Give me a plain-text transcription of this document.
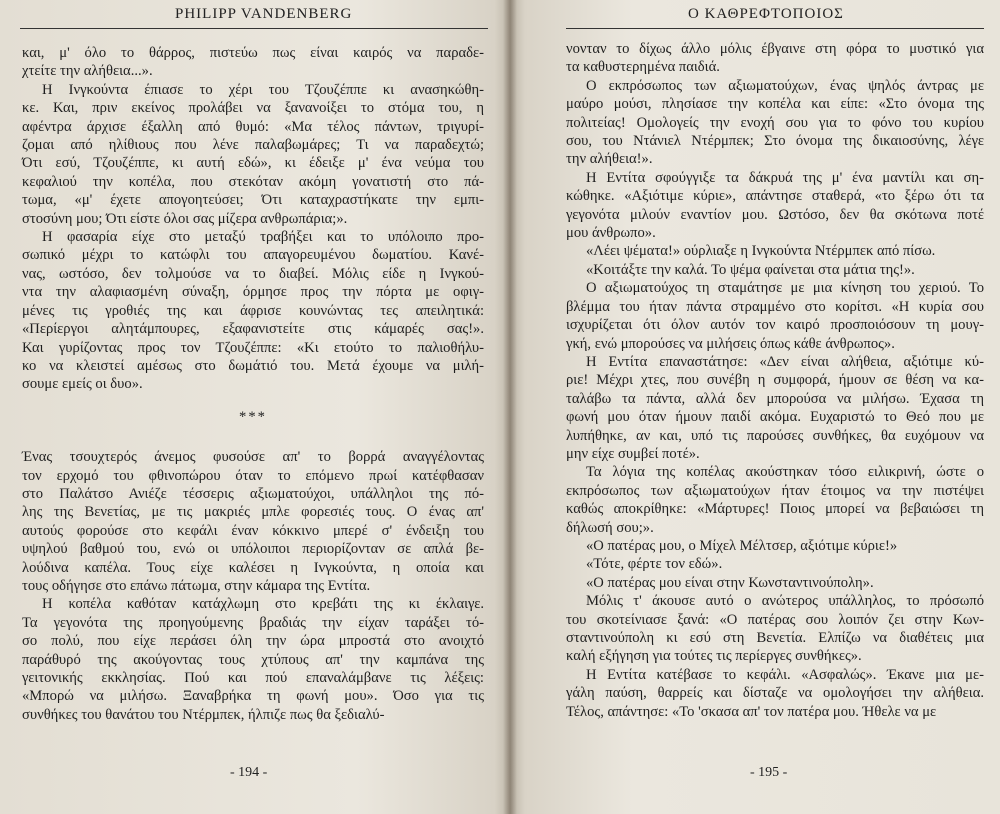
PHILIPP VANDENBERG
και, μ' όλο το θάρρος, πιστεύω πως είναι καιρός να παραδε-
χτείτε την αλήθεια...».
Η Ινγκούντα έπιασε το χέρι του Τζουζέππε κι ανασηκώθη-
κε. Και, πριν εκείνος προλάβει να ξανανοίξει το στόμα του, η
αφέντρα άρχισε έξαλλη από θυμό: «Μα τέλος πάντων, τριγυρί-
ζομαι από ηλίθιους που λένε παλαβωμάρες; Τι να παραδεχτώ;
Ότι εσύ, Τζουζέππε, κι αυτή εδώ», κι έδειξε μ' ένα νεύμα του
κεφαλιού την κοπέλα, που στεκόταν ακόμη γονατιστή στο πά-
τωμα, «μ' έχετε απογοητεύσει; Ότι καταχραστήκατε την εμπι-
στοσύνη μου; Ότι είστε όλοι σας μίζερα ανθρωπάρια;».
Η φασαρία είχε στο μεταξύ τραβήξει και το υπόλοιπο προ-
σωπικό μέχρι το κατώφλι του απαγορευμένου δωματίου. Κανέ-
νας, ωστόσο, δεν τολμούσε να το διαβεί. Μόλις είδε η Ινγκού-
ντα την αλαφιασμένη σύναξη, όρμησε προς την πόρτα με οφιγ-
μένες τις γροθιές της και άφρισε κουνώντας τες απειλητικά:
«Περίεργοι αλητάμπουρες, εξαφανιστείτε στις κάμαρές σας!».
Και γυρίζοντας προς τον Τζουζέππε: «Κι ετούτο το παλιοθήλυ-
κο να κλειστεί αμέσως στο δωμάτιό του. Μετά έχουμε να μιλή-
σουμε εμείς οι δυο».
***
Ένας τσουχτερός άνεμος φυσούσε απ' το βορρά αναγγέλοντας
τον ερχομό του φθινοπώρου όταν το επόμενο πρωί κατέφθασαν
στο Παλάτσο Ανιέζε τέσσερις αξιωματούχοι, υπάλληλοι της πό-
λης της Βενετίας, με τις μακριές μπλε φορεσιές τους. Ο ένας απ'
αυτούς φορούσε στο κεφάλι έναν κόκκινο μπερέ σ' ένδειξη του
υψηλού βαθμού του, ενώ οι υπόλοιποι περιορίζονταν σε απλά βε-
λούδινα καπέλα. Τους είχε καλέσει η Ινγκούντα, η οποία και
τους οδήγησε στο επάνω πάτωμα, στην κάμαρα της Εντίτα.
Η κοπέλα καθόταν κατάχλωμη στο κρεβάτι της κι έκλαιγε.
Τα γεγονότα της προηγούμενης βραδιάς την είχαν ταράξει τό-
σο πολύ, που είχε περάσει όλη την ώρα μπροστά στο ανοιχτό
παράθυρό της ακούγοντας τους χτύπους απ' την καμπάνα της
γειτονικής εκκλησίας. Πού και πού επαναλάμβανε τις λέξεις:
«Μπορώ να μιλήσω. Ξαναβρήκα τη φωνή μου». Όσο για τις
συνθήκες του θανάτου του Ντέρμπεκ, ήλπιζε πως θα ξεδιαλύ-
- 194 -
Ο ΚΑΘΡΕΦΤΟΠΟΙΟΣ
νονταν το δίχως άλλο μόλις έβγαινε στη φόρα το μυστικό για
τα καθυστερημένα παιδιά.
Ο εκπρόσωπος των αξιωματούχων, ένας ψηλός άντρας με
μαύρο μούσι, πλησίασε την κοπέλα και είπε: «Στο όνομα της
πολιτείας! Ομολογείς την ενοχή σου για το φόνο του κυρίου
σου, του Ντάνιελ Ντέρμπεκ; Στο όνομα της δικαιοσύνης, λέγε
την αλήθεια!».
Η Εντίτα σφούγγιξε τα δάκρυά της μ' ένα μαντίλι και ση-
κώθηκε. «Αξιότιμε κύριε», απάντησε σταθερά, «το ξέρω ότι τα
γεγονότα μιλούν εναντίον μου. Ωστόσο, δεν θα σκότωνα ποτέ
μου άνθρωπο».
«Λέει ψέματα!» ούρλιαξε η Ινγκούντα Ντέρμπεκ από πίσω.
«Κοιτάξτε την καλά. Το ψέμα φαίνεται στα μάτια της!».
Ο αξιωματούχος τη σταμάτησε με μια κίνηση του χεριού. Το
βλέμμα του ήταν πάντα στραμμένο στο κορίτσι. «Η κυρία σου
ισχυρίζεται ότι όλον αυτόν τον καιρό προσποιόσουν τη μουγ-
γκή, ενώ μπορούσες να μιλήσεις όπως κάθε άνθρωπος».
Η Εντίτα επαναστάτησε: «Δεν είναι αλήθεια, αξιότιμε κύ-
ριε! Μέχρι χτες, που συνέβη η συμφορά, ήμουν σε θέση να κα-
ταλάβω τα πάντα, αλλά δεν μπορούσα να μιλήσω. Έχασα τη
φωνή μου όταν ήμουν παιδί ακόμα. Ευχαριστώ το Θεό που με
λυπήθηκε, αν και, υπό τις παρούσες συνθήκες, θα ευχόμουν να
μην είχε συμβεί ποτέ».
Τα λόγια της κοπέλας ακούστηκαν τόσο ειλικρινή, ώστε ο
εκπρόσωπος των αξιωματούχων ήταν έτοιμος να την πιστέψει
καθώς αποκρίθηκε: «Μάρτυρες! Ποιος μπορεί να βεβαιώσει τη
δήλωσή σου;».
«Ο πατέρας μου, ο Μίχελ Μέλτσερ, αξιότιμε κύριε!»
«Τότε, φέρτε τον εδώ».
«Ο πατέρας μου είναι στην Κωνσταντινούπολη».
Μόλις τ' άκουσε αυτό ο ανώτερος υπάλληλος, το πρόσωπό
του σκοτείνιασε ξανά: «Ο πατέρας σου λοιπόν ζει στην Κων-
σταντινούπολη κι εσύ στη Βενετία. Ελπίζω να διαθέτεις μια
καλή εξήγηση για τούτες τις περίεργες συνθήκες».
Η Εντίτα κατέβασε το κεφάλι. «Ασφαλώς». Έκανε μια με-
γάλη παύση, θαρρείς και δίσταζε να ομολογήσει την αλήθεια.
Τέλος, απάντησε: «Το 'σκασα απ' τον πατέρα μου. Ήθελε να με
- 195 -
